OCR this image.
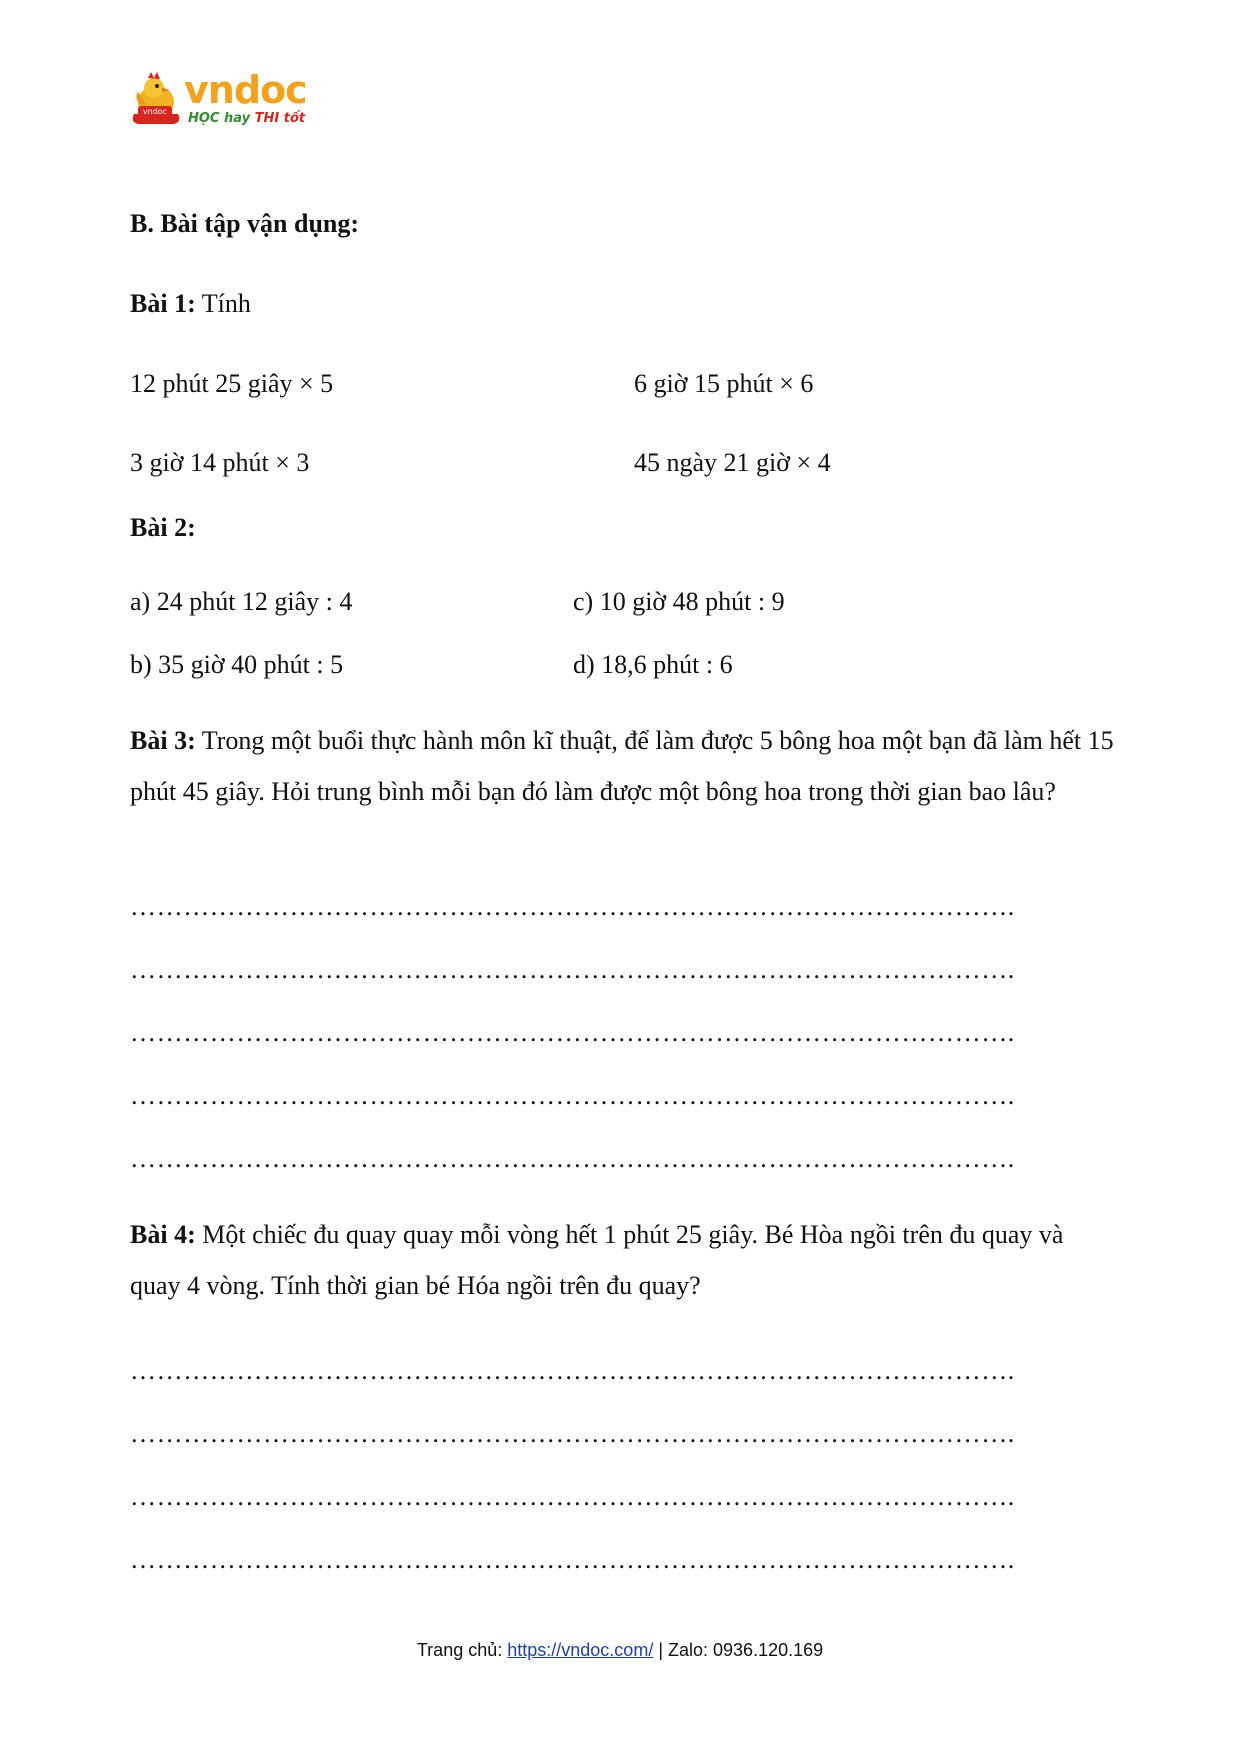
vndoc vndoc
HỌC hay THI tốt
B. Bài tập vận dụng:
Bài 1: Tính
12 phút 25 giây × 5	6 giờ 15 phút × 6
3 giờ 14 phút × 3	45 ngày 21 giờ × 4
Bài 2:
a) 24 phút 12 giây : 4	c) 10 giờ 48 phút : 9
b) 35 giờ 40 phút : 5	d) 18,6 phút : 6
Bài 3: Trong một buổi thực hành môn kĩ thuật, để làm được 5 bông hoa một bạn đã làm hết 15 phút 45 giây. Hỏi trung bình mỗi bạn đó làm được một bông hoa trong thời gian bao lâu?
……………………………………………………………………………………….
……………………………………………………………………………………….
……………………………………………………………………………………….
……………………………………………………………………………………….
……………………………………………………………………………………….
Bài 4: Một chiếc đu quay quay mỗi vòng hết 1 phút 25 giây. Bé Hòa ngồi trên đu quay và quay 4 vòng. Tính thời gian bé Hóa ngồi trên đu quay?
……………………………………………………………………………………….
……………………………………………………………………………………….
……………………………………………………………………………………….
……………………………………………………………………………………….
Trang chủ: https://vndoc.com/ | Zalo: 0936.120.169
